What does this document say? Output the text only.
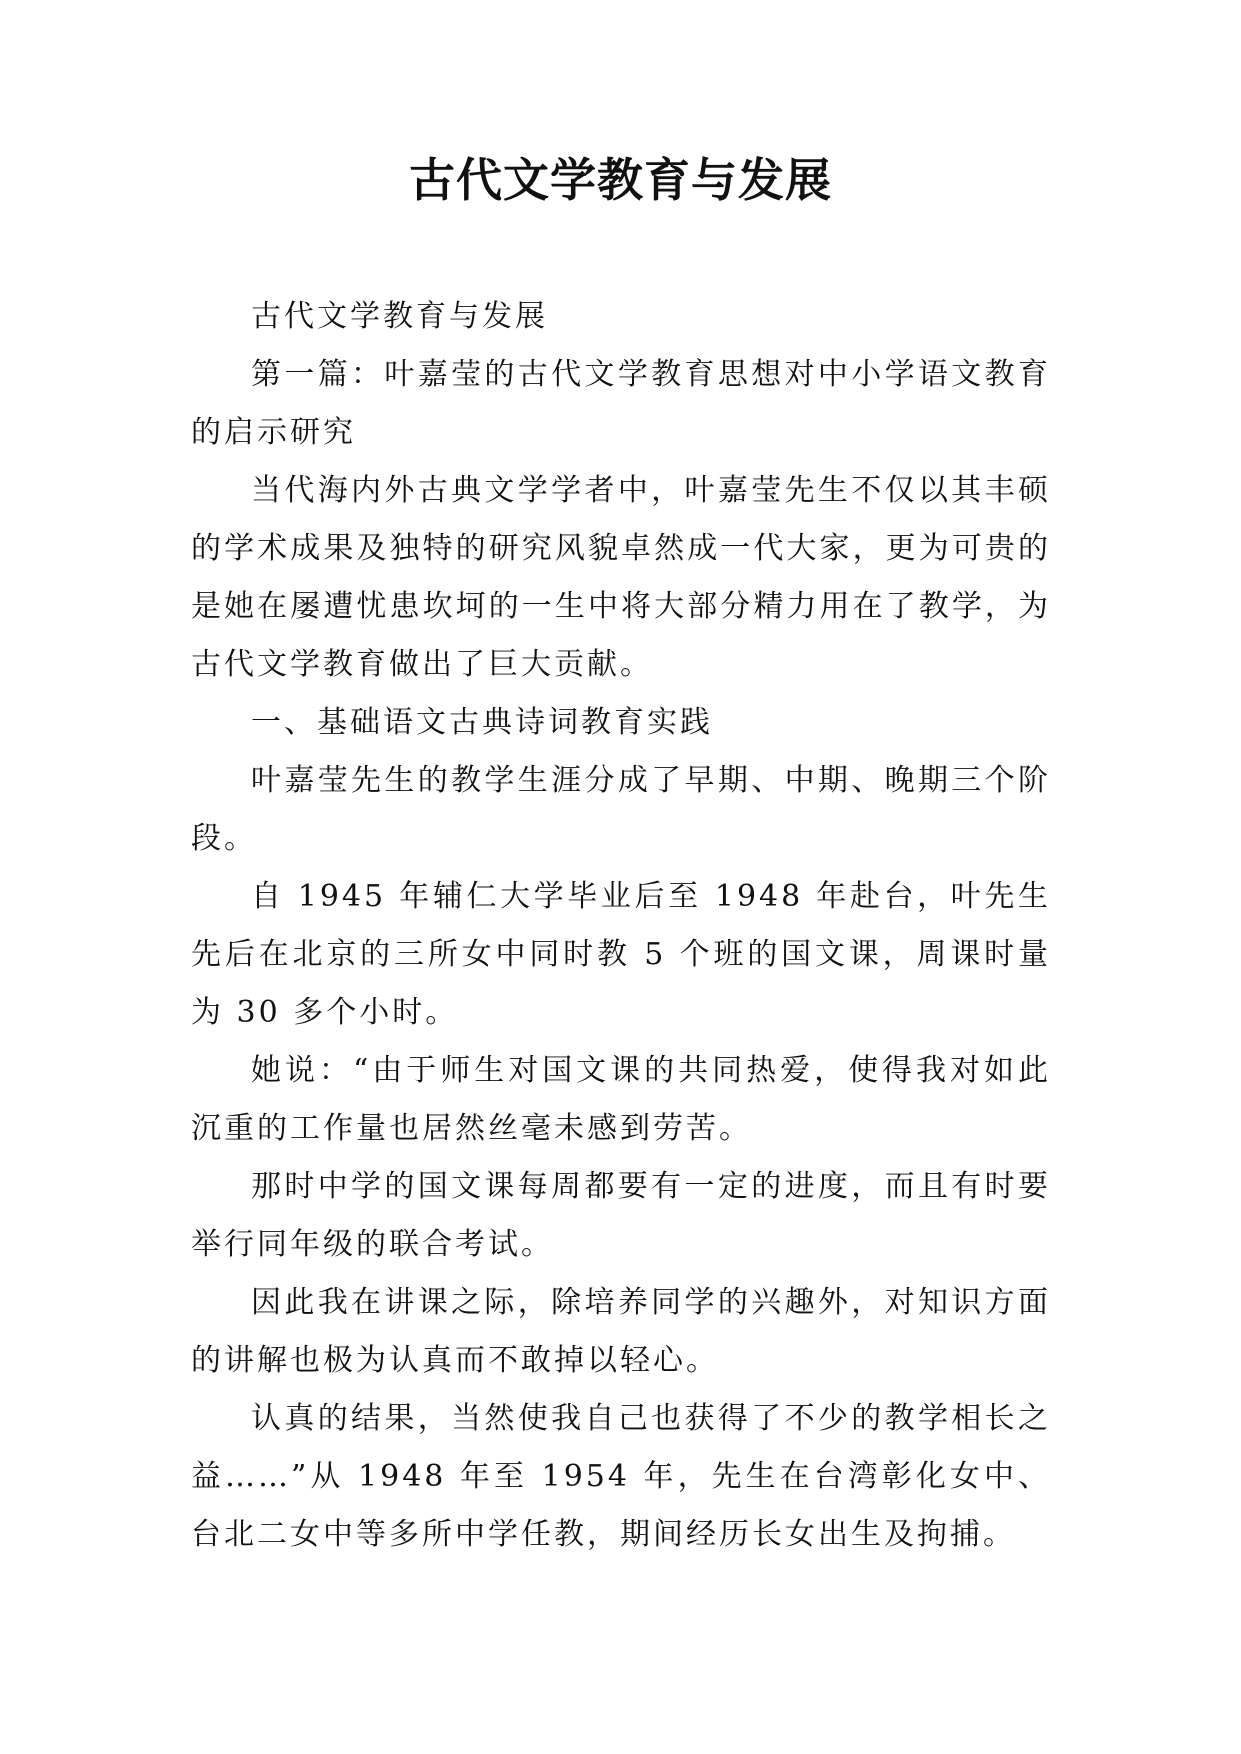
古代文学教育与发展

古代文学教育与发展

第一篇：叶嘉莹的古代文学教育思想对中小学语文教育的启示研究

当代海内外古典文学学者中，叶嘉莹先生不仅以其丰硕的学术成果及独特的研究风貌卓然成一代大家，更为可贵的是她在屡遭忧患坎坷的一生中将大部分精力用在了教学，为古代文学教育做出了巨大贡献。

一、基础语文古典诗词教育实践

叶嘉莹先生的教学生涯分成了早期、中期、晚期三个阶段。

自 1945 年辅仁大学毕业后至 1948 年赴台，叶先生先后在北京的三所女中同时教 5 个班的国文课，周课时量为 30 多个小时。

她说：“由于师生对国文课的共同热爱，使得我对如此沉重的工作量也居然丝毫未感到劳苦。

那时中学的国文课每周都要有一定的进度，而且有时要举行同年级的联合考试。

因此我在讲课之际，除培养同学的兴趣外，对知识方面的讲解也极为认真而不敢掉以轻心。

认真的结果，当然使我自己也获得了不少的教学相长之益……”从 1948 年至 1954 年，先生在台湾彰化女中、台北二女中等多所中学任教，期间经历长女出生及拘捕。
